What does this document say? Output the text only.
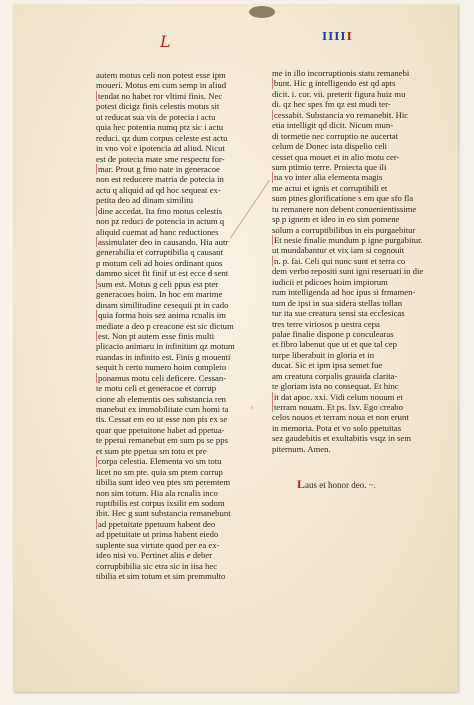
IIIII
L
autem motus celi non potest esse ipm
moueri. Motus em cum semp in aliud
tendat no habet ror vltimi finis. Nec
potest dicigz finis celestis motus sit
ut reducat sua vis de potecia i actu
quia hec potentia numq ptz sic i actu
reduci. qz dum corpus celeste est actu
in vno voi e ipotencia ad aliud. Nicut
est de potecia mate sme respectu for-
mar. Prout g fmo nate in generacoe
non est reducere matria de potecia in
actu q aliquid ad qd hoc sequeat ex-
petita deo ad dinam similitu
dine accedat. Ita fmo motus celestis
non pz reduci de potencia in actum q
aliquid cuemat ad hanc reductiones
assimulater deo in causando. Hia autr
generabilia et corruptibilia q causant
p motum celi ad hoies ordinant quos
dammo sicet fit finif ut est ecce d sent
sum est. Motus g celi ppus est pter
generacoes hoim. In hoc em marime
dinam similitudine cesequii pt in cado
quia forma hois sez anima rcnalis im
mediate a deo p creacone est sic dictum
est. Non pt autem esse finis multi
plicacio animaru in infinitum qz motum
ruandas in infinito est. Finis g mouenti
sequit h certo numero hoim completo
ponamus motu celi deficere. Cessan-
te motu celi et generacoe et corrup
cione ab elementis oes substancia ren
manebut ex immobilitate cum homi ta
tis. Cessat em eo ut esse non pis ex se
quar que ppetuitone habet ad ppetua-
te ppetui remanebut em sum ps se pps
et sum pte ppetua sm totu et pre
corpa celestia. Elementa vo sm totu
licet no sm pte. quia sm ptem corrup
tibilia sunt ideo veu ptes sm peremtem
non sim totum. Hia ala rcnalis inco
ruptibilis est corpus ixsilit em sodom
ibit. Hec g sunt substancia remanebunt
ad ppetuitate ppetuum habent deo
ad ppetuitate ut prima habent eiedo
suplente sua virtute quod per ea ex-
ideo nisi vo. Pertinet aliis e deber
corrupbibilia sic etra sic in iisa hec
tibilia et sim totum et sim premmulto
me in illo incorruptionis statu remanebi
bunt. Hic g intelligendo est qd apts
dicit. i. cor. vii. preterit figura huiz mu
di. qz hec spes fm qz est mudi ter-
cessabit. Substancia vo remanebit. Hic
etia intelligit qd dicit. Nicum mun-
di tormetie nec corruptio ne aucertat
celum de Donec ista dispelio celi
cesset qua mouet et in alio motu cer-
sum ptimio terre. Proiecta que ili
na vo inter alia elementa magis
me actui et ignis et corruptibili et
sum ptnes glorificatione s em que sfo fla
tu remanere non debent conuenientissime
sp p ignem et ideo in eo sim pomene
solum a corruptibilibus in eis purgaebitur
Et nesie finalie mundum p igne purgabitur.
ut mundabantur et vix iam si cognouit
n. p. fai. Celi qui nunc sunt et terra co
dem verbo repositi sunt igni reseruati in die
iudicii et pdicoes hoim impiorum
rum intelligenda ad hoc ipus si frmamen-
tum de ipsi in sua sidera stellas tollan
tur ita sue creatura sensi sta ecclesicas
tres terre viriosos p uestra cepa
palae finalie dispone p conculearas
et fibro labenut que ut et que tal cep
turpe liberabuit in gloria et in
ducat. Sic et ipm ipsa semet fue
am creatura corpalis grauida clarita-
te gloriam ista no consequat. Et hinc
it dat apoc. xxi. Vidi celum nouum et
terram nouam. Et ps. lxv. Ego creabo
celos nouos et terram noua et non erunt
in memoria. Pota et vo solo ppetuitas
sez gaudebitis et exultabitis vsqz in sem
piternum. Amen.
Laus et honor deo. ~.
